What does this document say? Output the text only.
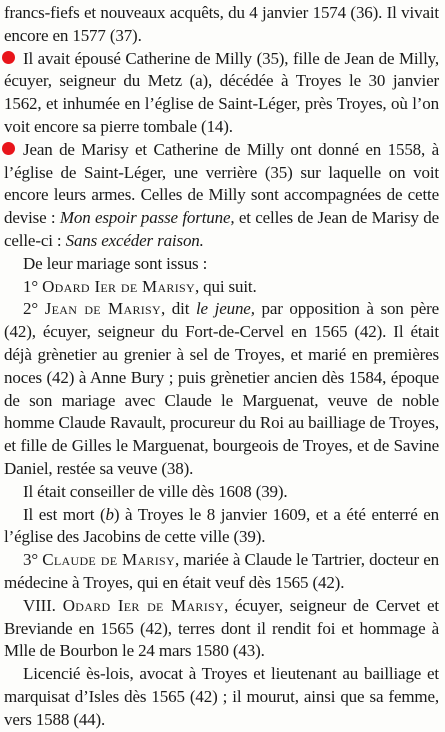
francs-fiefs et nouveaux acquêts, du 4 janvier 1574 (36). Il vivait encore en 1577 (37).

Il avait épousé Catherine de Milly (35), fille de Jean de Milly, écuyer, seigneur du Metz (a), décédée à Troyes le 30 janvier 1562, et inhumée en l’église de Saint-Léger, près Troyes, où l’on voit encore sa pierre tombale (14).

Jean de Marisy et Catherine de Milly ont donné en 1558, à l’église de Saint-Léger, une verrière (35) sur laquelle on voit encore leurs armes. Celles de Milly sont accompagnées de cette devise : Mon espoir passe fortune, et celles de Jean de Marisy de celle-ci : Sans excéder raison.

De leur mariage sont issus :

1° Odard Ier de Marisy, qui suit.

2° Jean de Marisy, dit le jeune, par opposition à son père (42), écuyer, seigneur du Fort-de-Cervel en 1565 (42). Il était déjà grènetier au grenier à sel de Troyes, et marié en premières noces (42) à Anne Bury ; puis grènetier ancien dès 1584, époque de son mariage avec Claude le Marguenat, veuve de noble homme Claude Ravault, procureur du Roi au bailliage de Troyes, et fille de Gilles le Marguenat, bourgeois de Troyes, et de Savine Daniel, restée sa veuve (38).

Il était conseiller de ville dès 1608 (39).

Il est mort (b) à Troyes le 8 janvier 1609, et a été enterré en l’église des Jacobins de cette ville (39).

3° Claude de Marisy, mariée à Claude le Tartrier, docteur en médecine à Troyes, qui en était veuf dès 1565 (42).

VIII. Odard Ier de Marisy, écuyer, seigneur de Cervet et Breviande en 1565 (42), terres dont il rendit foi et hommage à Mlle de Bourbon le 24 mars 1580 (43).

Licencié ès-lois, avocat à Troyes et lieutenant au bailliage et marquisat d’Isles dès 1565 (42) ; il mourut, ainsi que sa femme, vers 1588 (44).
